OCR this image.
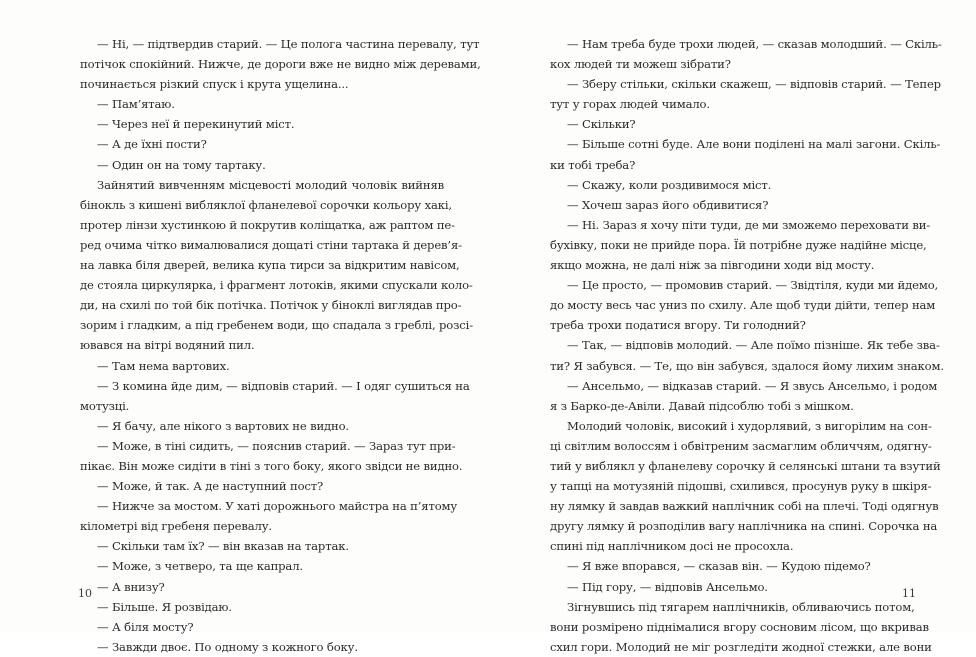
— Ні, — підтвердив старий. — Це полога частина перевалу, тут
потічок спокійний. Нижче, де дороги вже не видно між деревами,
починається різкий спуск і крута ущелина...
— Пам’ятаю.
— Через неї й перекинутий міст.
— А де їхні пости?
— Один он на тому тартаку.
Зайнятий вивченням місцевості молодий чоловік вийняв
бінокль з кишені вибляклої фланелевої сорочки кольору хакі,
протер лінзи хустинкою й покрутив коліщатка, аж раптом пе-
ред очима чітко вималювалися дощаті стіни тартака й дерев’я-
на лавка біля дверей, велика купа тирси за відкритим навісом,
де стояла циркулярка, і фрагмент лотоків, якими спускали коло-
ди, на схилі по той бік потічка. Потічок у біноклі виглядав про-
зорим і гладким, а під гребенем води, що спадала з греблі, розсі-
ювався на вітрі водяний пил.
— Там нема вартових.
— З комина йде дим, — відповів старий. — І одяг сушиться на
мотузці.
— Я бачу, але нікого з вартових не видно.
— Може, в тіні сидить, — пояснив старий. — Зараз тут при-
пікає. Він може сидіти в тіні з того боку, якого звідси не видно.
— Може, й так. А де наступний пост?
— Нижче за мостом. У хаті дорожнього майстра на п’ятому
кілометрі від гребеня перевалу.
— Скільки там їх? — він вказав на тартак.
— Може, з четверо, та ще капрал.
— А внизу?
— Більше. Я розвідаю.
— А біля мосту?
— Завжди двоє. По одному з кожного боку.
— Нам треба буде трохи людей, — сказав молодший. — Скіль-
кох людей ти можеш зібрати?
— Зберу стільки, скільки скажеш, — відповів старий. — Тепер
тут у горах людей чимало.
— Скільки?
— Більше сотні буде. Але вони поділені на малі загони. Скіль-
ки тобі треба?
— Скажу, коли роздивимося міст.
— Хочеш зараз його обдивитися?
— Ні. Зараз я хочу піти туди, де ми зможемо переховати ви-
бухівку, поки не прийде пора. Їй потрібне дуже надійне місце,
якщо можна, не далі ніж за півгодини ходи від мосту.
— Це просто, — промовив старий. — Звідтіля, куди ми йдемо,
до мосту весь час униз по схилу. Але щоб туди дійти, тепер нам
треба трохи податися вгору. Ти голодний?
— Так, — відповів молодий. — Але поїмо пізніше. Як тебе зва-
ти? Я забувся. — Те, що він забувся, здалося йому лихим знаком.
— Ансельмо, — відказав старий. — Я звусь Ансельмо, і родом
я з Барко-де-Авіли. Давай підсоблю тобі з мішком.
Молодий чоловік, високий і худорлявий, з вигорілим на сон-
ці світлим волоссям і обвітреним засмаглим обличчям, одягну-
тий у виблякл у фланелеву сорочку й селянські штани та взутий
у тапці на мотузяній підошві, схилився, просунув руку в шкіря-
ну лямку й завдав важкий наплічник собі на плечі. Тоді одягнув
другу лямку й розподілив вагу наплічника на спині. Сорочка на
спині під наплічником досі не просохла.
— Я вже впорався, — сказав він. — Кудою підемо?
— Під гору, — відповів Ансельмо.
Зігнувшись під тягарем наплічників, обливаючись потом,
вони розмірено піднімалися вгору сосновим лісом, що вкривав
схил гори. Молодий не міг розгледіти жодної стежки, але вони
10	11
